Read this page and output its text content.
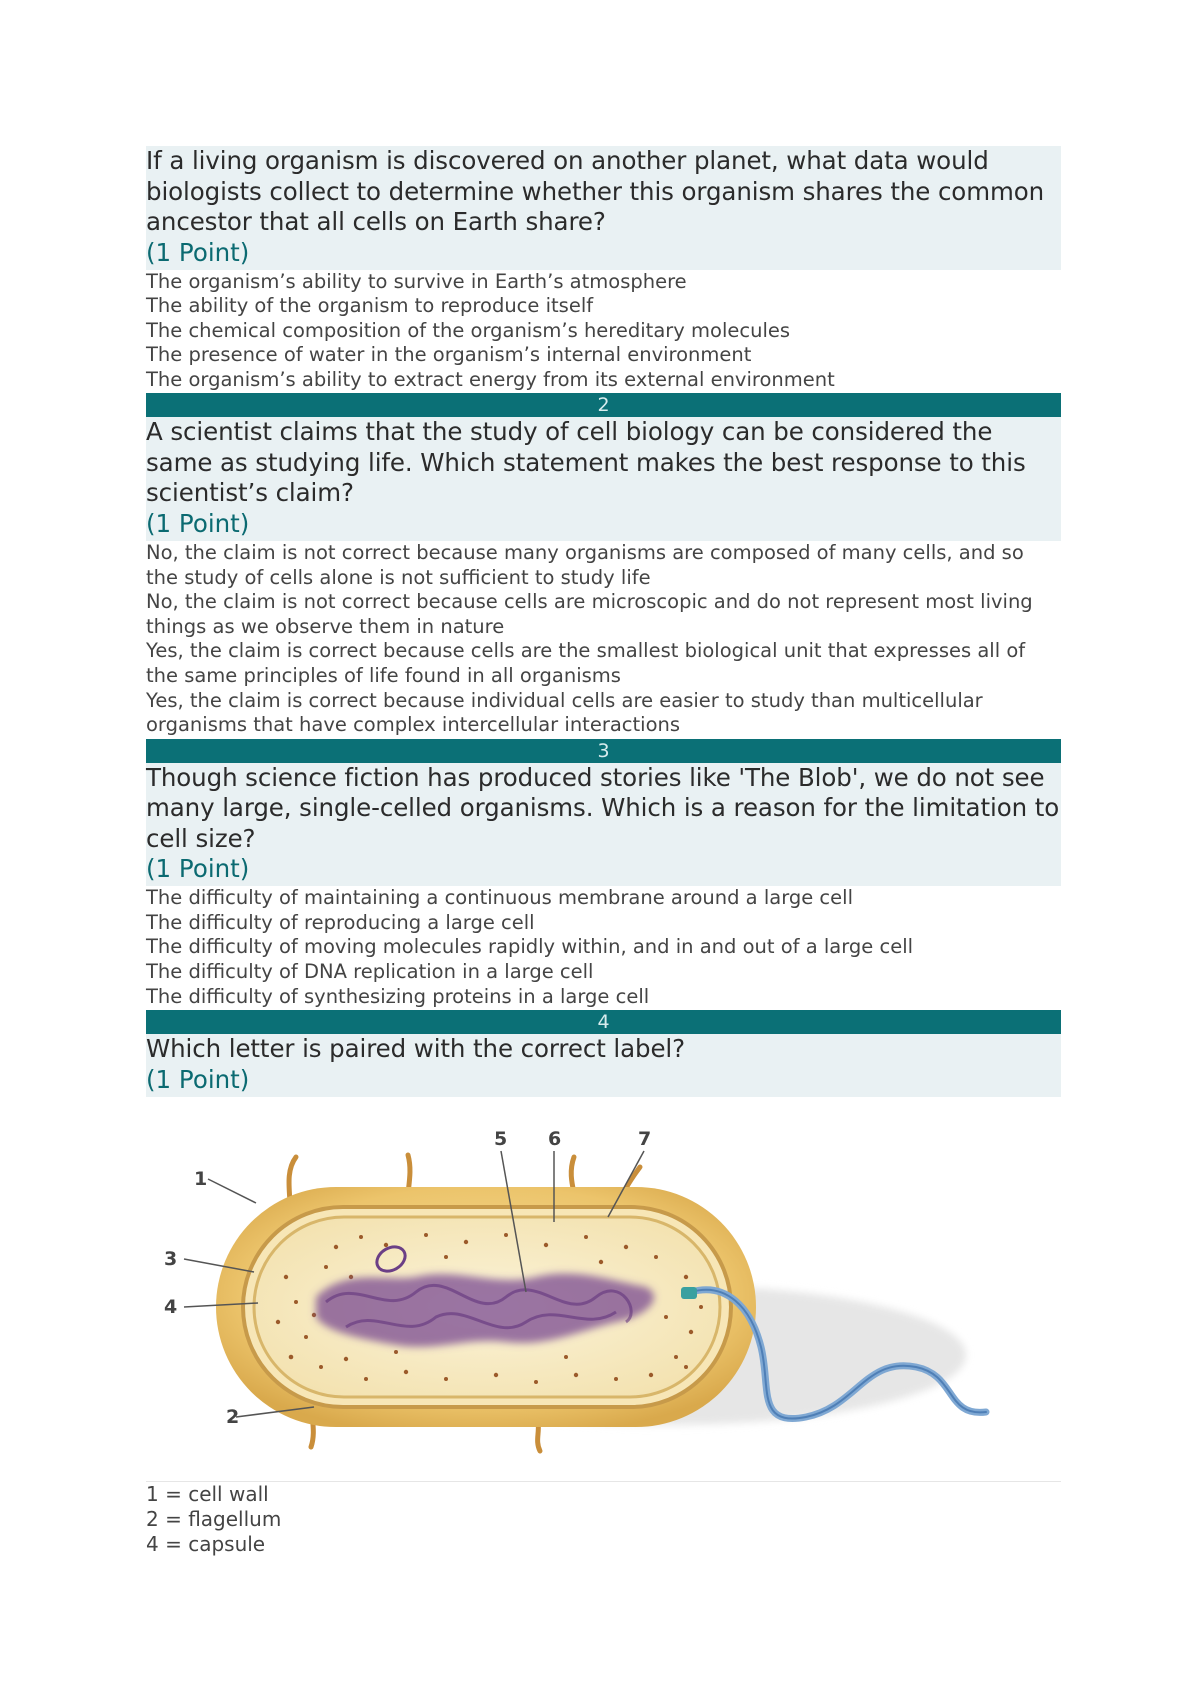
If a living organism is discovered on another planet, what data would biologists collect to determine whether this organism shares the common ancestor that all cells on Earth share?
(1 Point)
The organism’s ability to survive in Earth’s atmosphere
The ability of the organism to reproduce itself
The chemical composition of the organism’s hereditary molecules
The presence of water in the organism’s internal environment
The organism’s ability to extract energy from its external environment
2
A scientist claims that the study of cell biology can be considered the same as studying life. Which statement makes the best response to this scientist’s claim?
(1 Point)
No, the claim is not correct because many organisms are composed of many cells, and so the study of cells alone is not sufficient to study life
No, the claim is not correct because cells are microscopic and do not represent most living things as we observe them in nature
Yes, the claim is correct because cells are the smallest biological unit that expresses all of the same principles of life found in all organisms
Yes, the claim is correct because individual cells are easier to study than multicellular organisms that have complex intercellular interactions
3
Though science fiction has produced stories like 'The Blob', we do not see many large, single-celled organisms. Which is a reason for the limitation to cell size?
(1 Point)
The difficulty of maintaining a continuous membrane around a large cell
The difficulty of reproducing a large cell
The difficulty of moving molecules rapidly within, and in and out of a large cell
The difficulty of DNA replication in a large cell
The difficulty of synthesizing proteins in a large cell
4
Which letter is paired with the correct label?
(1 Point)
1
2
3
4
5 6	7
1 = cell wall
2 = flagellum
4 = capsule
